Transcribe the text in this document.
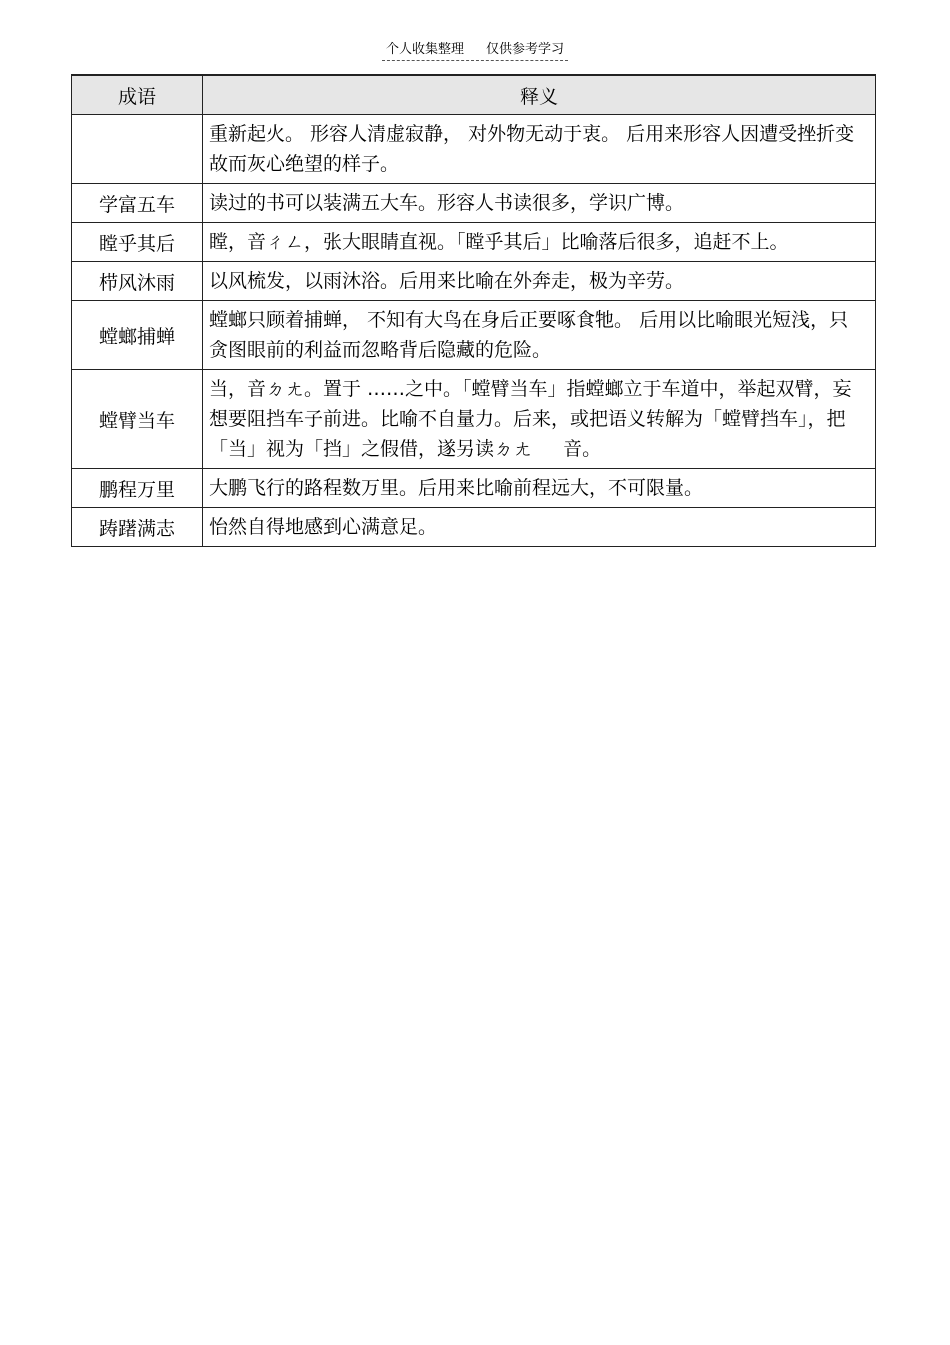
个人收集整理 仅供参考学习
成语	释义
	重新起火。 形容人清虚寂静， 对外物无动于衷。 后用来形容人因遭受挫折变故而灰心绝望的样子。
学富五车	读过的书可以装满五大车。形容人书读很多，学识广博。
瞠乎其后	瞠，音ㄔㄥ，张大眼睛直视。「瞠乎其后」比喻落后很多，追赶不上。
栉风沐雨	以风梳发，以雨沐浴。后用来比喻在外奔走，极为辛劳。
螳螂捕蝉	螳螂只顾着捕蝉， 不知有大鸟在身后正要啄食牠。 后用以比喻眼光短浅，只贪图眼前的利益而忽略背后隐藏的危险。
螳臂当车	当，音ㄉㄤ。置于 ……之中。「螳臂当车」指螳螂立于车道中，举起双臂，妄想要阻挡车子前进。比喻不自量力。后来，或把语义转解为「螳臂挡车」，把「当」视为「挡」之假借，遂另读ㄉㄤ 　 音。
鹏程万里	大鹏飞行的路程数万里。后用来比喻前程远大，不可限量。
踌躇满志	怡然自得地感到心满意足。
